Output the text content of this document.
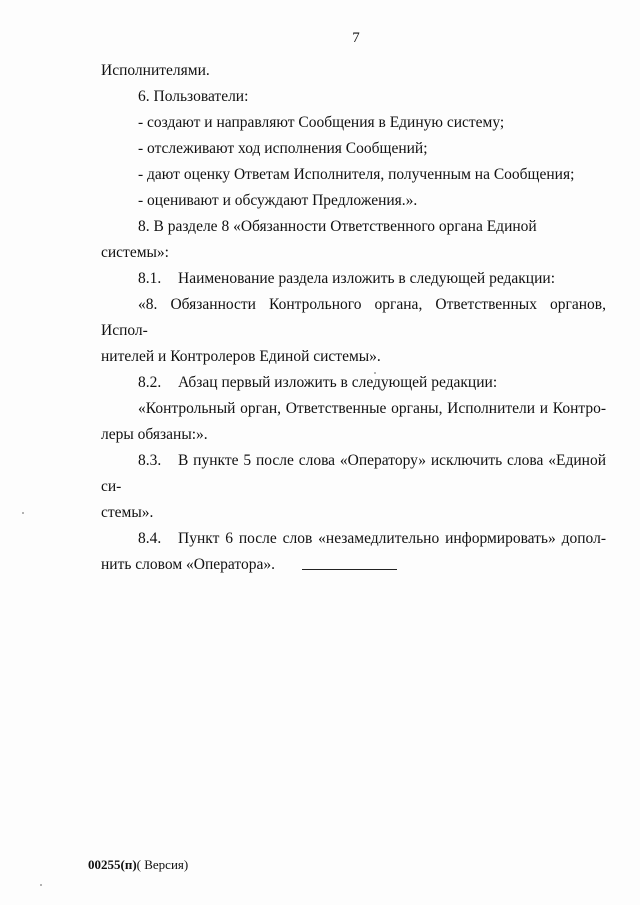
7

Исполнителями.

6. Пользователи:

- создают и направляют Сообщения в Единую систему;

- отслеживают ход исполнения Сообщений;

- дают оценку Ответам Исполнителя, полученным на Сообщения;

- оценивают и обсуждают Предложения.».

8. В разделе 8 «Обязанности Ответственного органа Единой системы»:

8.1. Наименование раздела изложить в следующей редакции:

«8. Обязанности Контрольного органа, Ответственных органов, Испол-

нителей и Контролеров Единой системы».

8.2. Абзац первый изложить в следующей редакции:

«Контрольный орган, Ответственные органы, Исполнители и Контро-

леры обязаны:».

8.3. В пункте 5 после слова «Оператору» исключить слова «Единой си-

стемы».

8.4. Пункт 6 после слов «незамедлительно информировать» допол-

нить словом «Оператора».

00255(п)( Версия)
